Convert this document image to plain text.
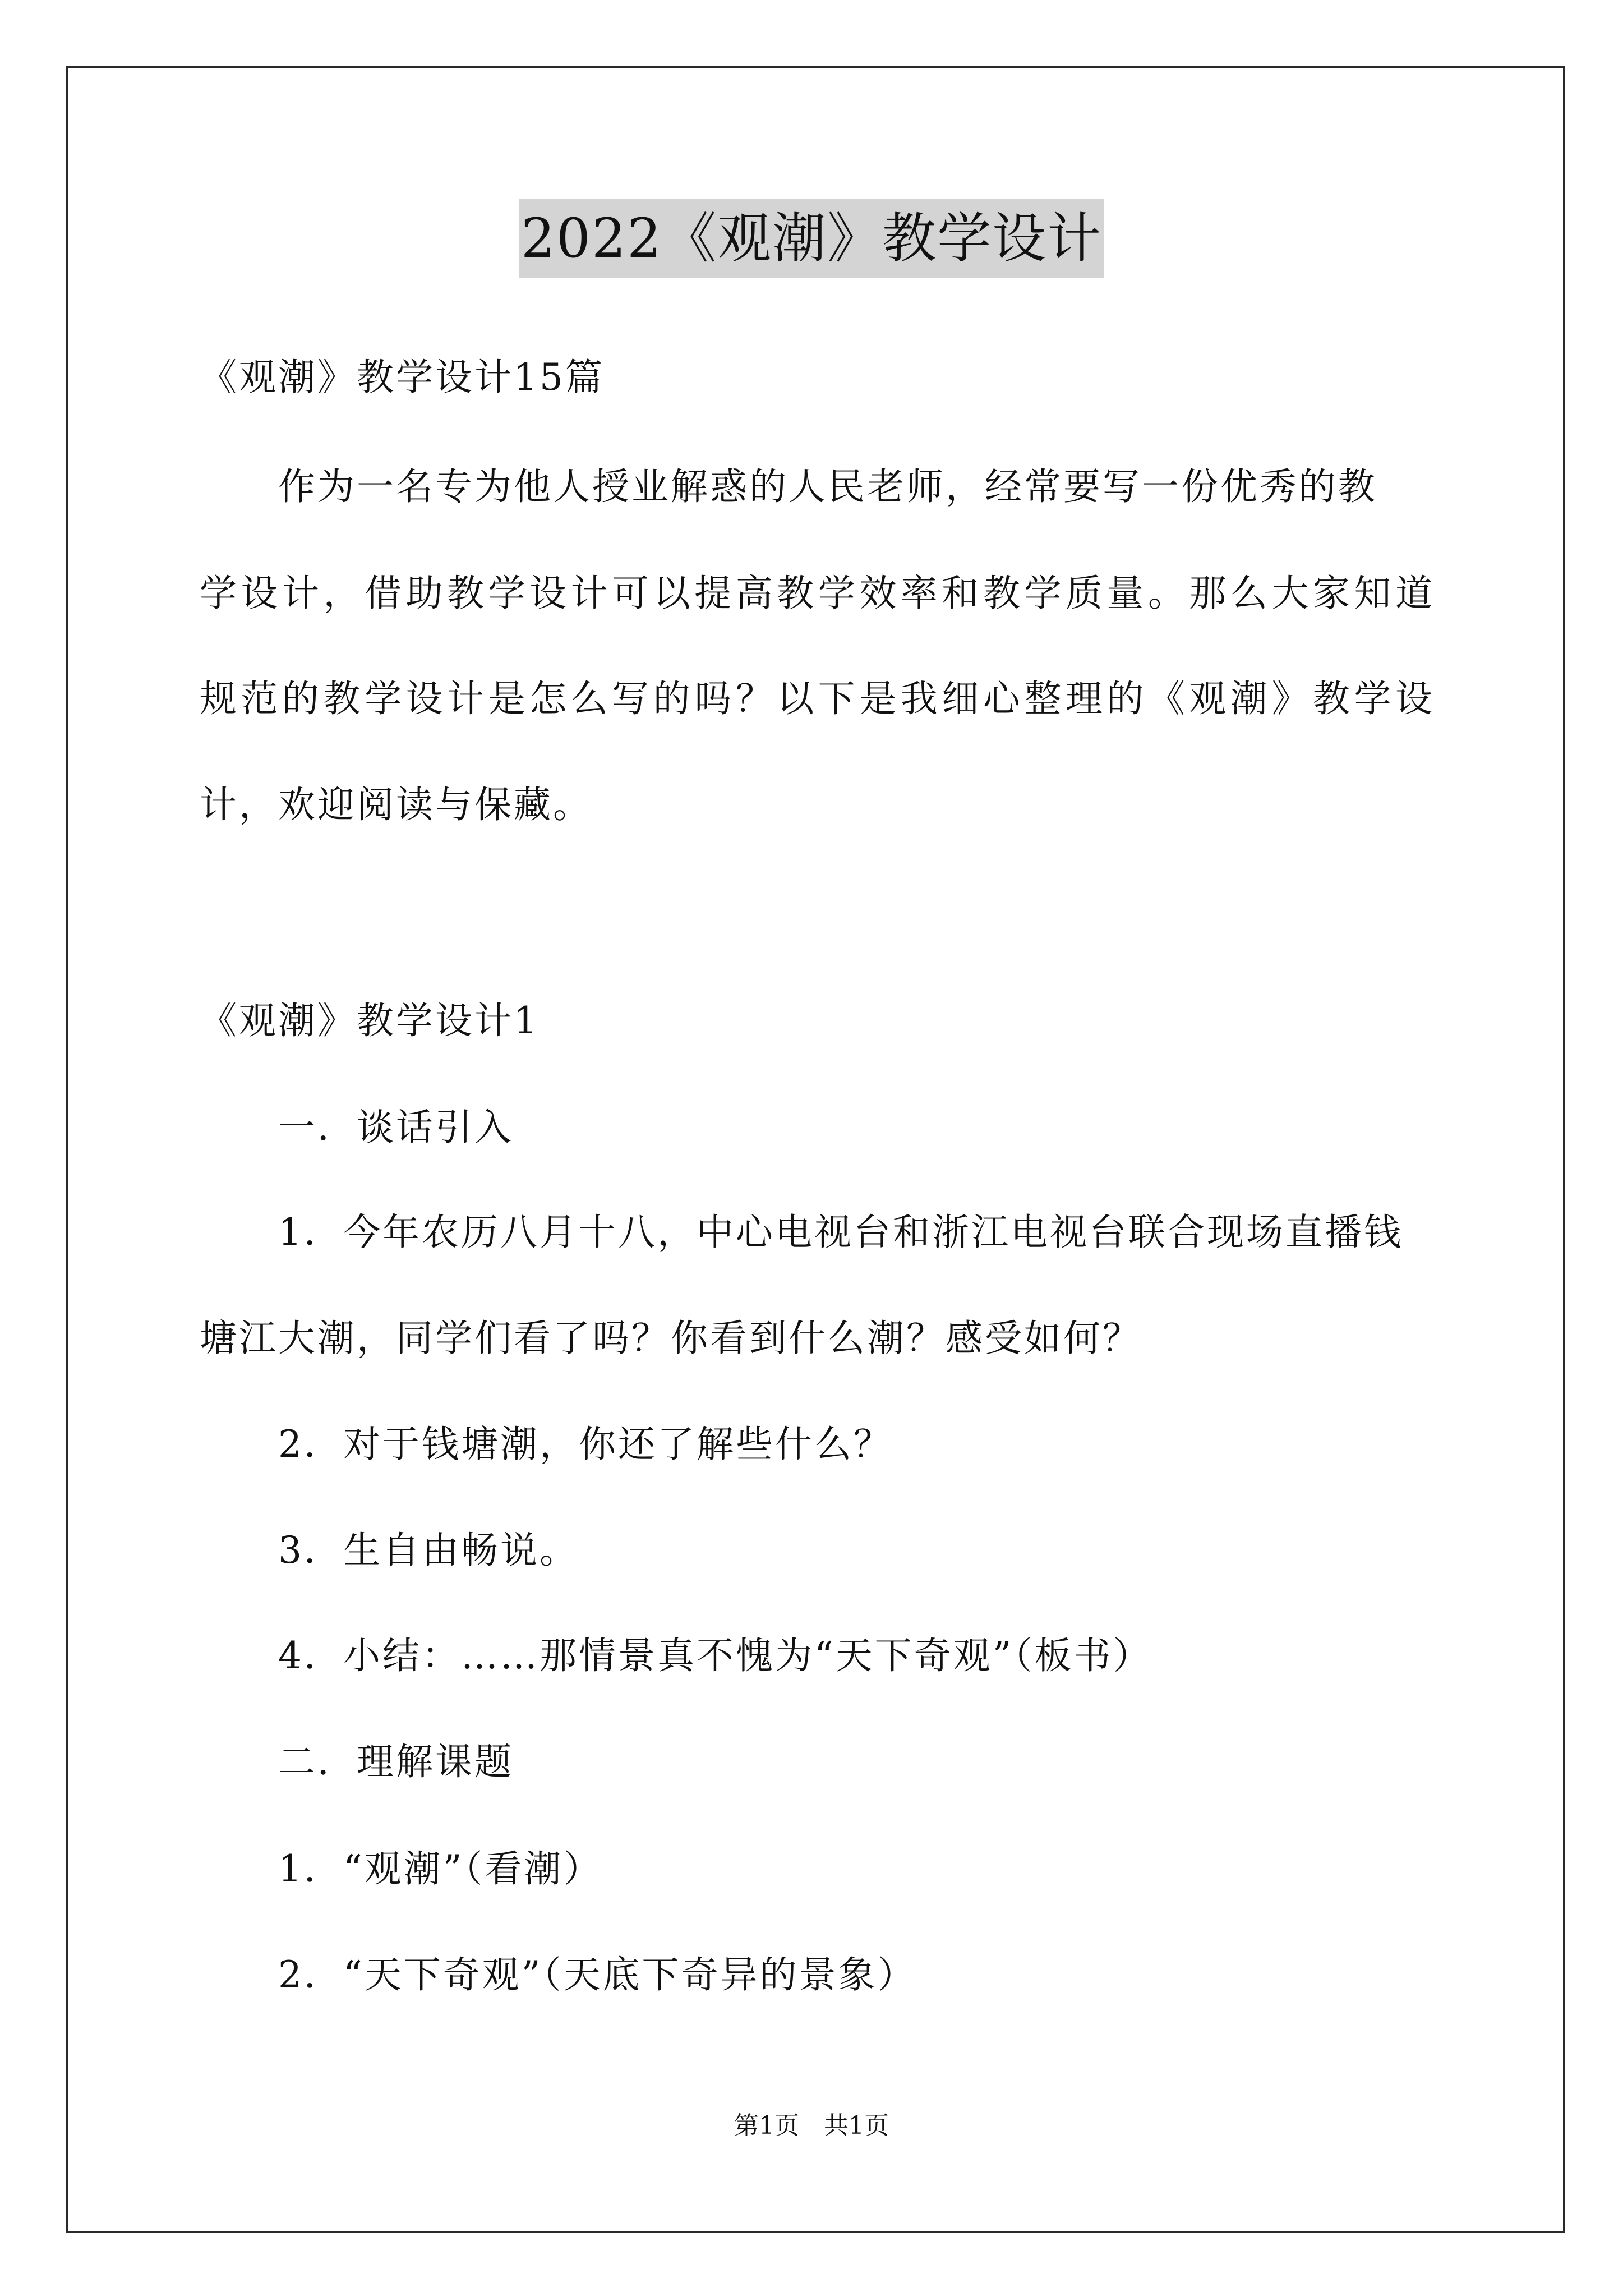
2022《观潮》教学设计
《观潮》教学设计15篇
作为一名专为他人授业解惑的人民老师，经常要写一份优秀的教
学设计，借助教学设计可以提高教学效率和教学质量。那么大家知道
规范的教学设计是怎么写的吗？以下是我细心整理的《观潮》教学设
计，欢迎阅读与保藏。
《观潮》教学设计1
一．谈话引入
1．今年农历八月十八，中心电视台和浙江电视台联合现场直播钱
塘江大潮，同学们看了吗？你看到什么潮？感受如何？
2．对于钱塘潮，你还了解些什么？
3．生自由畅说。
4．小结：……那情景真不愧为“天下奇观”（板书）
二．理解课题
1．“观潮”（看潮）
2．“天下奇观”（天底下奇异的景象）
第1页　共1页
